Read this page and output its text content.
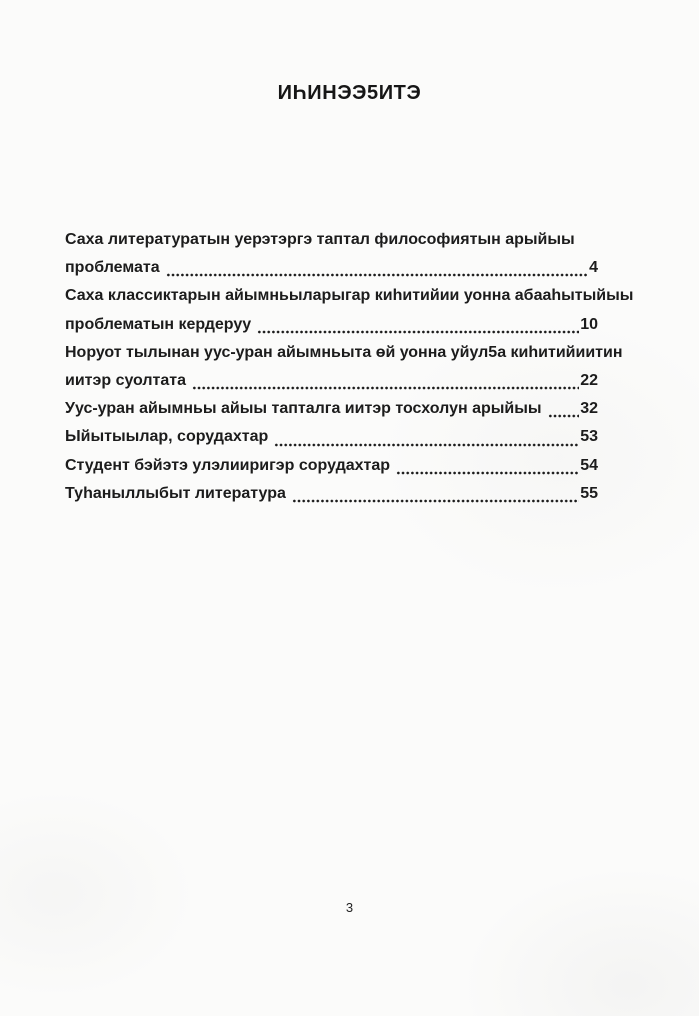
ИҺИНЭЭ5ИТЭ
Саха литературатын уерэтэргэ таптал философиятын арыйыы
проблемата	4
Саха классиктарын айымньыларыгар киһитийии уонна абааһытыйыы
проблематын кердеруу	10
Норуот тылынан уус-уран айымньыта өй уонна уйул5а киһитийиитин
иитэр суолтата	22
Уус-уран айымньы айыы тапталга иитэр тосхолун арыйыы 32
Ыйытыылар, сорудахтар	53
Студент бэйэтэ улэлииригэр сорудахтар	54
Туһаныллыбыт литература	55
3
